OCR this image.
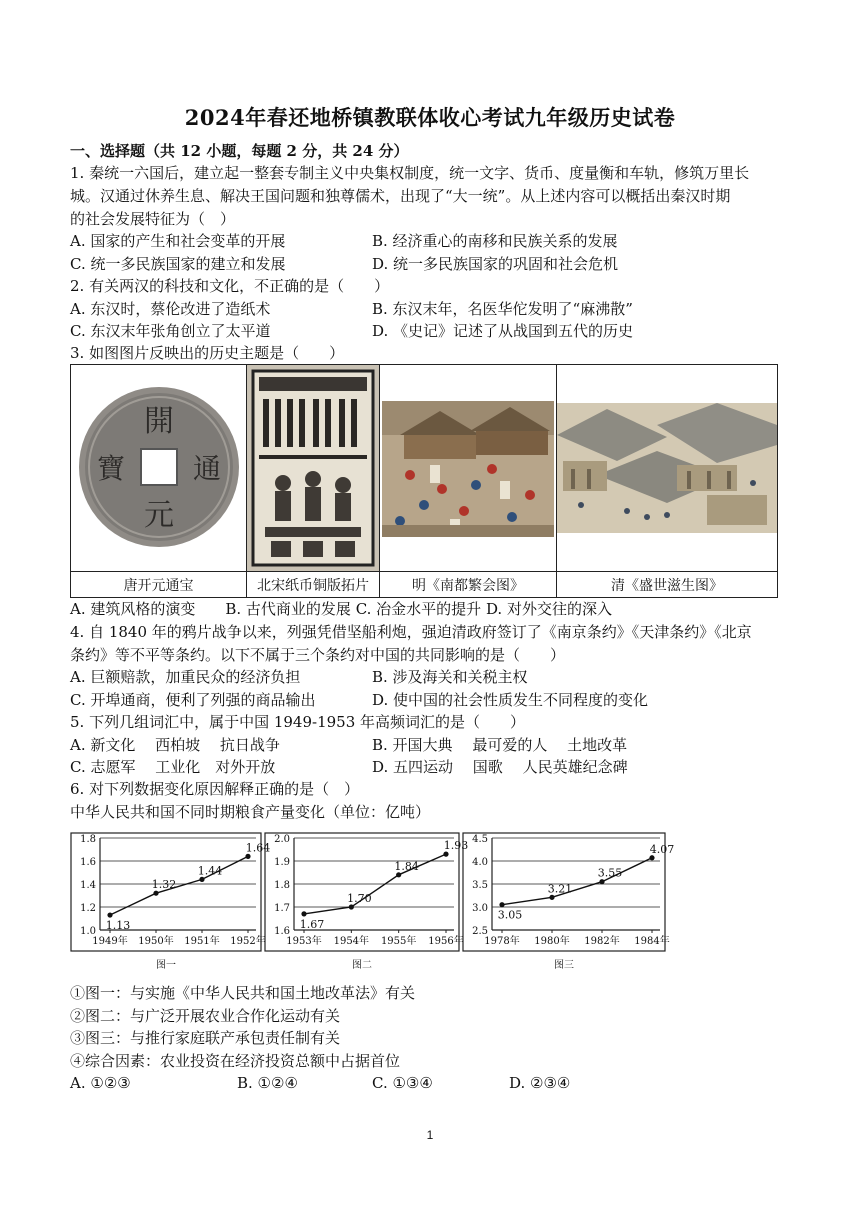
2024年春还地桥镇教联体收心考试九年级历史试卷
一、选择题（共 12 小题，每题 2 分，共 24 分）
1. 秦统一六国后，建立起一整套专制主义中央集权制度，统一文字、货币、度量衡和车轨，修筑万里长
城。汉通过休养生息、解决王国问题和独尊儒术，出现了“大一统”。从上述内容可以概括出秦汉时期
的社会发展特征为（　）
A. 国家的产生和社会变革的开展	B. 经济重心的南移和民族关系的发展
C. 统一多民族国家的建立和发展	D. 统一多民族国家的巩固和社会危机
2. 有关两汉的科技和文化，不正确的是（　　）
A. 东汉时，蔡伦改进了造纸术	B. 东汉末年，名医华佗发明了“麻沸散”
C. 东汉末年张角创立了太平道	D. 《史记》记述了从战国到五代的历史
3. 如图图片反映出的历史主题是（　　）
開
元
通
寶
唐开元通宝	北宋纸币铜版拓片	明《南都繁会图》	清《盛世滋生图》
A. 建筑风格的演变　　B. 古代商业的发展 C. 冶金水平的提升 D. 对外交往的深入
4. 自 1840 年的鸦片战争以来，列强凭借坚船利炮，强迫清政府签订了《南京条约》《天津条约》《北京
条约》等不平等条约。以下不属于三个条约对中国的共同影响的是（　　）
A. 巨额赔款，加重民众的经济负担	B. 涉及海关和关税主权
C. 开埠通商，便利了列强的商品输出	D. 使中国的社会性质发生不同程度的变化
5. 下列几组词汇中，属于中国 1949-1953 年高频词汇的是（　　）
A. 新文化　 西柏坡　 抗日战争	B. 开国大典　 最可爱的人　 土地改革
C. 志愿军　 工业化　对外开放	D. 五四运动　 国歌　 人民英雄纪念碑
6. 对下列数据变化原因解释正确的是（　）
中华人民共和国不同时期粮食产量变化（单位：亿吨）
1.0
1.2
1.4
1.6
1.8
1949年 1950年 1951年 1952年
1.13
1.32
1.44
1.64
图一
1.6
1.7
1.8
1.9
2.0
1953年 1954年 1955年 1956年
1.67
1.70
1.84
1.93
图二
2.5
3.0
3.5
4.0
4.5
1978年 1980年 1982年 1984年
3.05
3.21
3.55
4.07
图三
①图一：与实施《中华人民共和国土地改革法》有关
②图二：与广泛开展农业合作化运动有关
③图三：与推行家庭联产承包责任制有关
④综合因素：农业投资在经济投资总额中占据首位
A. ①②③	B. ①②④	C. ①③④	D. ②③④
1
